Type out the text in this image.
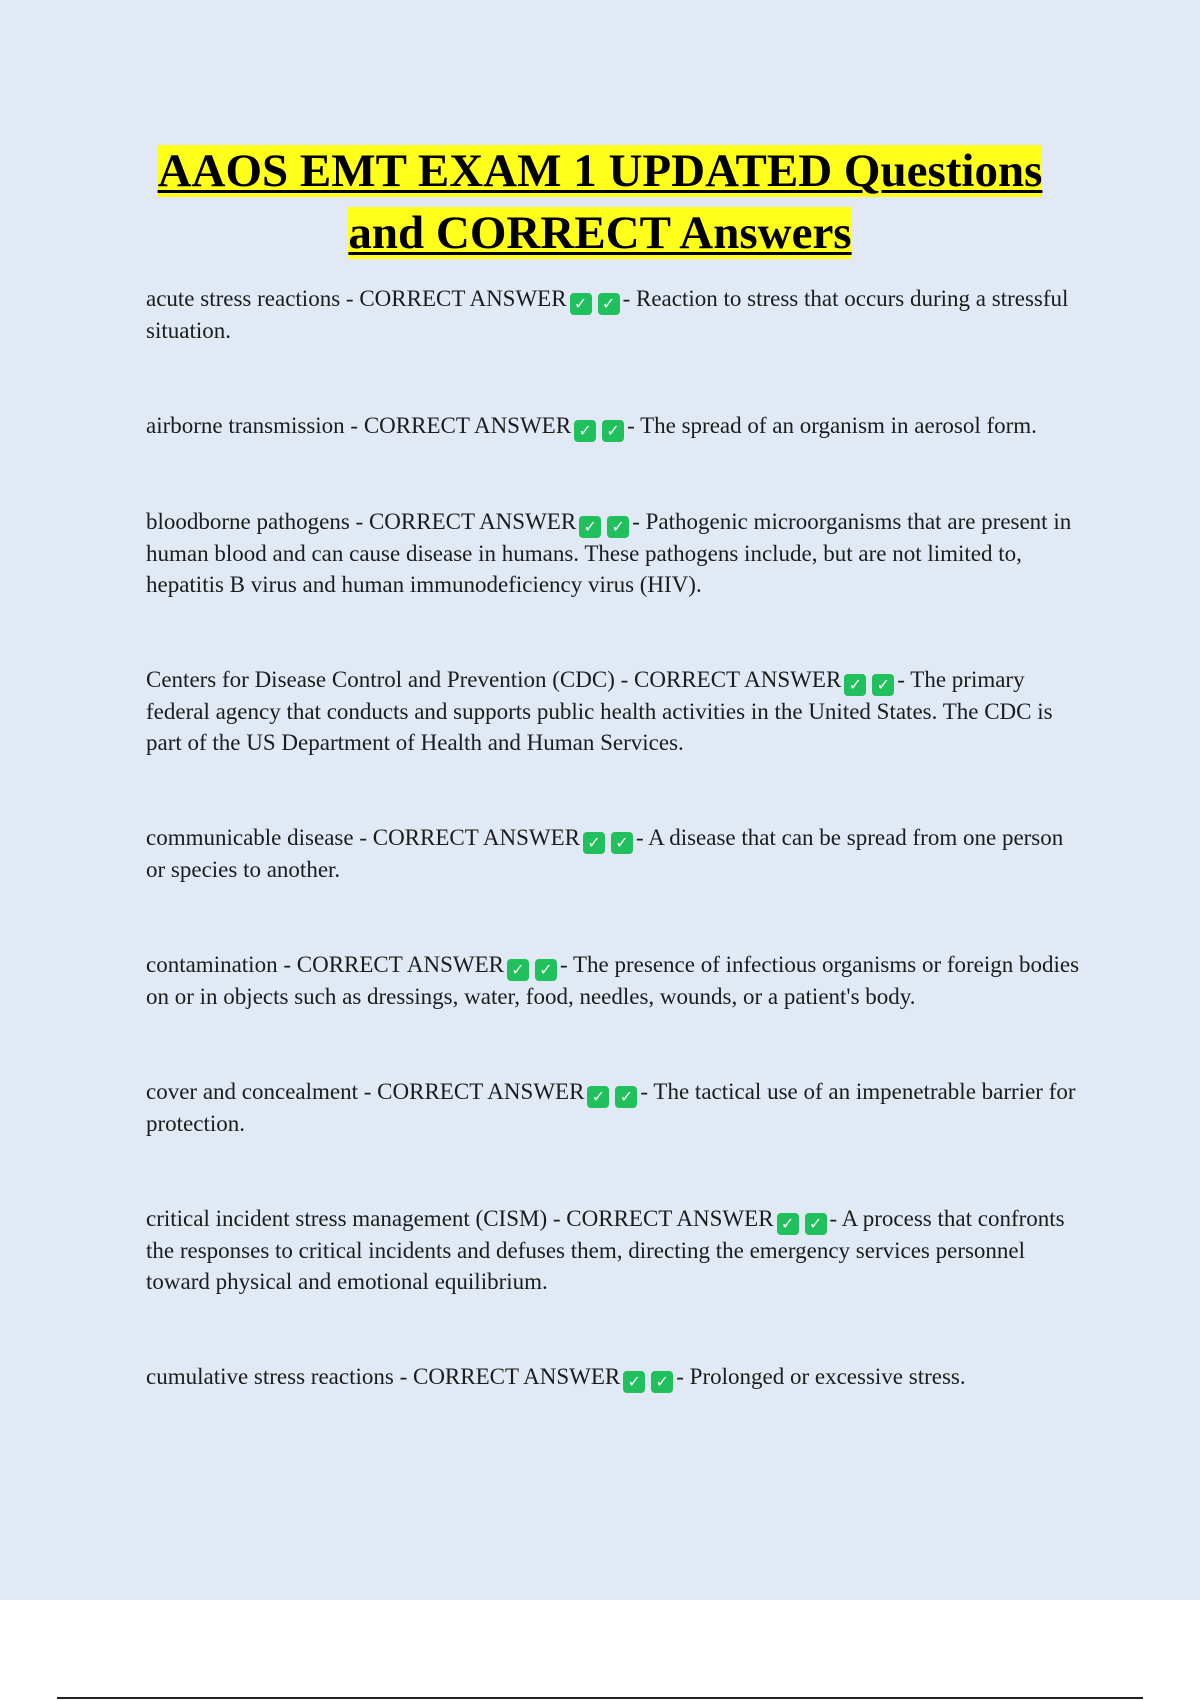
AAOS EMT EXAM 1 UPDATED Questions and CORRECT Answers

acute stress reactions - CORRECT ANSWER ✓ ✓ - Reaction to stress that occurs during a stressful situation.

airborne transmission - CORRECT ANSWER ✓ ✓ - The spread of an organism in aerosol form.

bloodborne pathogens - CORRECT ANSWER ✓ ✓ - Pathogenic microorganisms that are present in human blood and can cause disease in humans. These pathogens include, but are not limited to, hepatitis B virus and human immunodeficiency virus (HIV).

Centers for Disease Control and Prevention (CDC) - CORRECT ANSWER ✓ ✓ - The primary federal agency that conducts and supports public health activities in the United States. The CDC is part of the US Department of Health and Human Services.

communicable disease - CORRECT ANSWER ✓ ✓ - A disease that can be spread from one person or species to another.

contamination - CORRECT ANSWER ✓ ✓ - The presence of infectious organisms or foreign bodies on or in objects such as dressings, water, food, needles, wounds, or a patient's body.

cover and concealment - CORRECT ANSWER ✓ ✓ - The tactical use of an impenetrable barrier for protection.

critical incident stress management (CISM) - CORRECT ANSWER ✓ ✓ - A process that confronts the responses to critical incidents and defuses them, directing the emergency services personnel toward physical and emotional equilibrium.

cumulative stress reactions - CORRECT ANSWER ✓ ✓ - Prolonged or excessive stress.
